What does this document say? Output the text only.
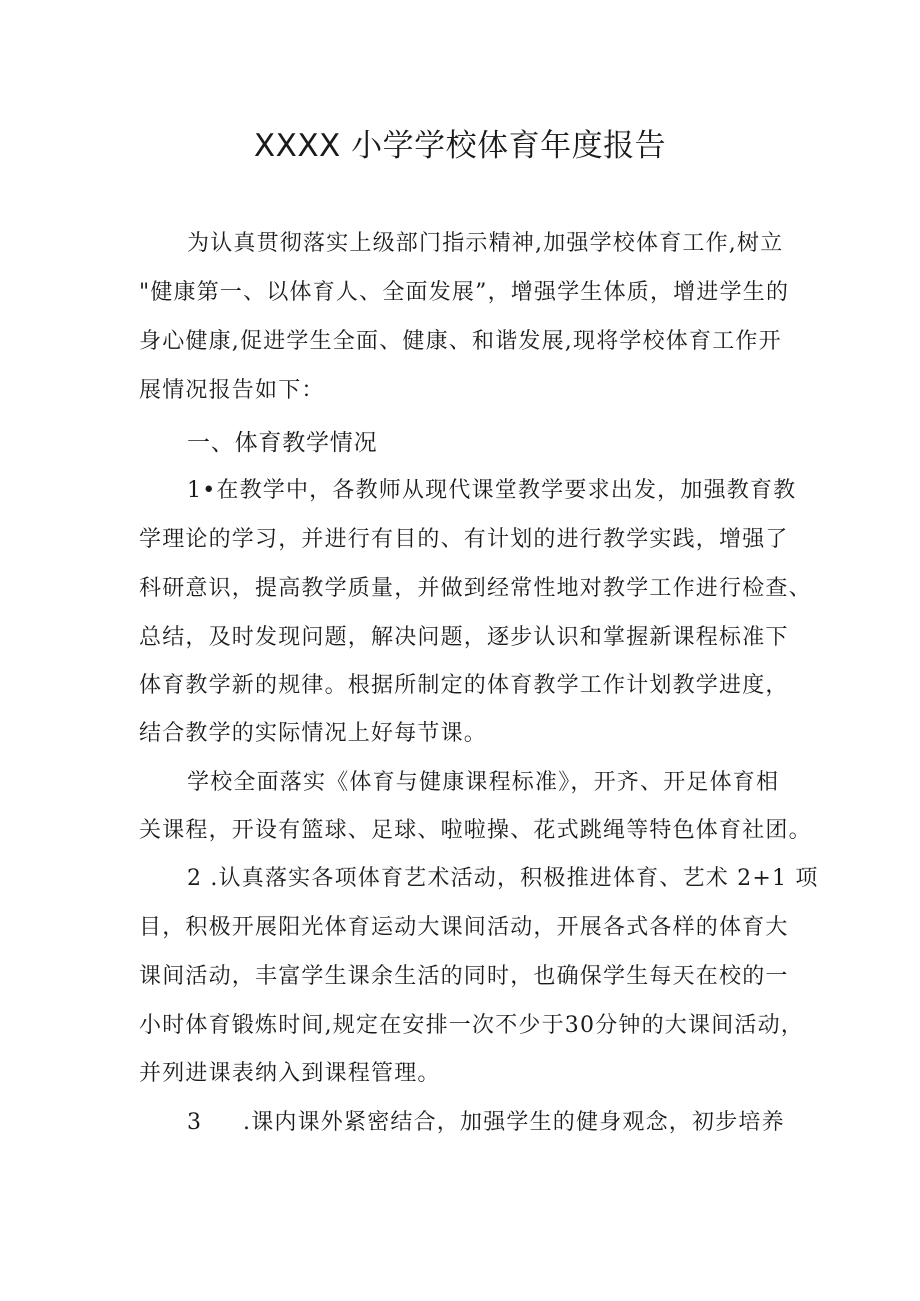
XXXX 小学学校体育年度报告
为认真贯彻落实上级部门指示精神,加强学校体育工作,树立
"健康第一、以体育人、全面发展”，增强学生体质，增进学生的
身心健康,促进学生全面、健康、和谐发展,现将学校体育工作开
展情况报告如下：
一、体育教学情况
1•在教学中，各教师从现代课堂教学要求出发，加强教育教
学理论的学习，并进行有目的、有计划的进行教学实践，增强了
科研意识，提高教学质量，并做到经常性地对教学工作进行检查、
总结，及时发现问题，解决问题，逐步认识和掌握新课程标准下
体育教学新的规律。根据所制定的体育教学工作计划教学进度，
结合教学的实际情况上好每节课。
学校全面落实《体育与健康课程标准》，开齐、开足体育相
关课程，开设有篮球、足球、啦啦操、花式跳绳等特色体育社团。
2 .认真落实各项体育艺术活动，积极推进体育、艺术 2+1 项
目，积极开展阳光体育运动大课间活动，开展各式各样的体育大
课间活动，丰富学生课余生活的同时，也确保学生每天在校的一
小时体育锻炼时间,规定在安排一次不少于30分钟的大课间活动，
并列进课表纳入到课程管理。
3 .课内课外紧密结合，加强学生的健身观念，初步培养
